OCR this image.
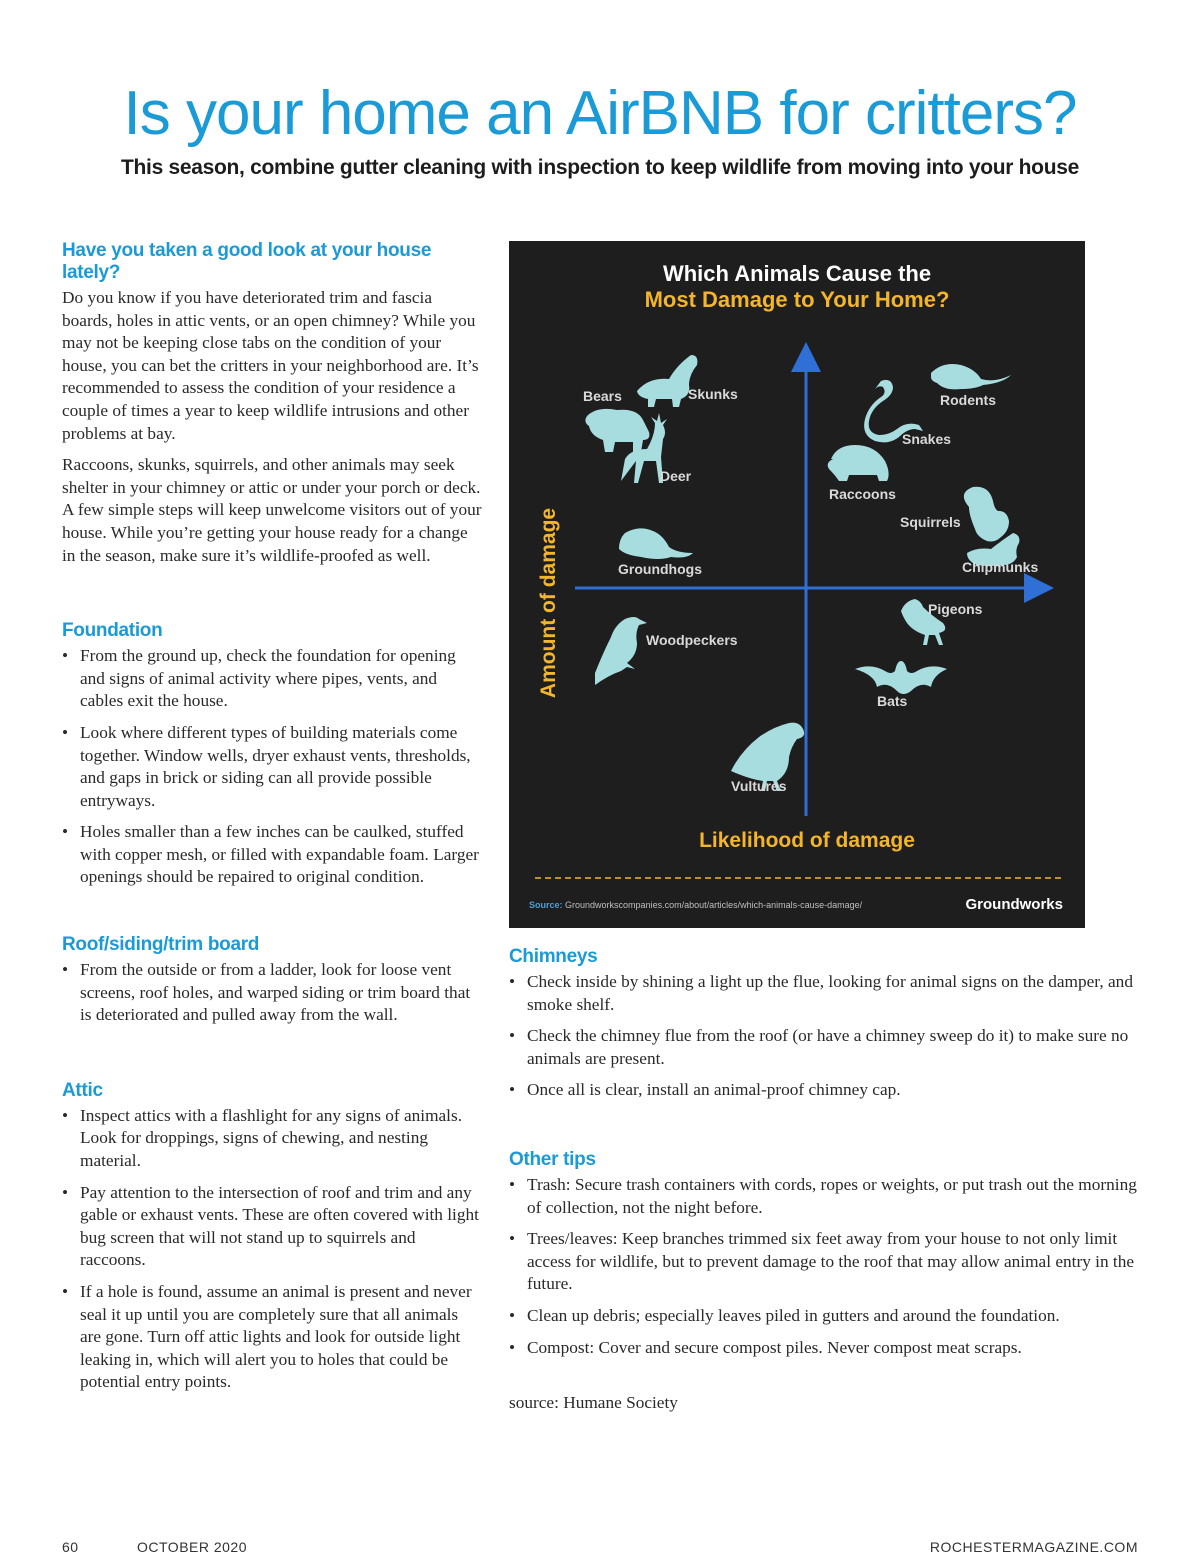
Is your home an AirBNB for critters?
This season, combine gutter cleaning with inspection to keep wildlife from moving into your house
Have you taken a good look at your house lately?

Do you know if you have deteriorated trim and fascia boards, holes in attic vents, or an open chimney? While you may not be keeping close tabs on the condition of your house, you can bet the critters in your neighborhood are. It’s recommended to assess the condition of your residence a couple of times a year to keep wildlife intrusions and other problems at bay.

Raccoons, skunks, squirrels, and other animals may seek shelter in your chimney or attic or under your porch or deck. A few simple steps will keep unwelcome visitors out of your house. While you’re getting your house ready for a change in the season, make sure it’s wildlife-proofed as well.

Foundation
• From the ground up, check the foundation for opening and signs of animal activity where pipes, vents, and cables exit the house.
• Look where different types of building materials come together. Window wells, dryer exhaust vents, thresholds, and gaps in brick or siding can all provide possible entryways.
• Holes smaller than a few inches can be caulked, stuffed with copper mesh, or filled with expandable foam. Larger openings should be repaired to original condition.
Roof/siding/trim board
• From the outside or from a ladder, look for loose vent screens, roof holes, and warped siding or trim board that is deteriorated and pulled away from the wall.
Attic
• Inspect attics with a flashlight for any signs of animals. Look for droppings, signs of chewing, and nesting material.
• Pay attention to the intersection of roof and trim and any gable or exhaust vents. These are often covered with light bug screen that will not stand up to squirrels and raccoons.
• If a hole is found, assume an animal is present and never seal it up until you are completely sure that all animals are gone. Turn off attic lights and look for outside light leaking in, which will alert you to holes that could be potential entry points.
Which Animals Cause the
Most Damage to Your Home?
Bears	Skunks
Deer
Groundhogs
Woodpeckers
Rodents
Snakes
Raccoons
Squirrels
Chipmunks
Pigeons
Bats
Vultures
Likelihood of damage
Amount of damage
Source: Groundworkscompanies.com/about/articles/which-animals-cause-damage/	Groundworks
Chimneys
• Check inside by shining a light up the flue, looking for animal signs on the damper, and smoke shelf.
• Check the chimney flue from the roof (or have a chimney sweep do it) to make sure no animals are present.
• Once all is clear, install an animal-proof chimney cap.
Other tips
• Trash: Secure trash containers with cords, ropes or weights, or put trash out the morning of collection, not the night before.
• Trees/leaves: Keep branches trimmed six feet away from your house to not only limit access for wildlife, but to prevent damage to the roof that may allow animal entry in the future.
• Clean up debris; especially leaves piled in gutters and around the foundation.
• Compost: Cover and secure compost piles. Never compost meat scraps.
source: Humane Society
60	OCTOBER 2020	ROCHESTERMAGAZINE.COM
